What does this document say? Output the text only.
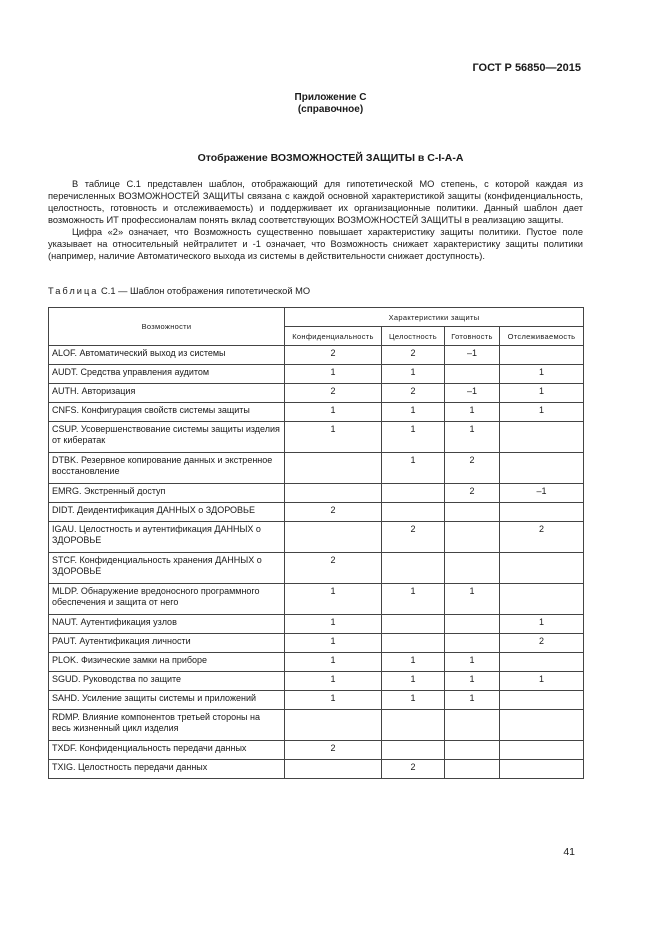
ГОСТ Р 56850—2015
Приложение С
(справочное)
Отображение ВОЗМОЖНОСТЕЙ ЗАЩИТЫ в С-I-А-А

В таблице С.1 представлен шаблон, отображающий для гипотетической МО степень, с которой каждая из перечисленных ВОЗМОЖНОСТЕЙ ЗАЩИТЫ связана с каждой основной характеристикой защиты (конфиденциальность, целостность, готовность и отслеживаемость) и поддерживает их организационные политики. Данный шаблон дает возможность ИТ профессионалам понять вклад соответствующих ВОЗМОЖНОСТЕЙ ЗАЩИТЫ в реализацию защиты.

Цифра «2» означает, что Возможность существенно повышает характеристику защиты политики. Пустое поле указывает на относительный нейтралитет и -1 означает, что Возможность снижает характеристику защиты политики (например, наличие Автоматического выхода из системы в действительности снижает доступность).

Таблица С.1 — Шаблон отображения гипотетической МО
Возможности	Характеристики защиты			
	Конфиденциальность	Целостность	Готовность	Отслеживаемость
ALOF. Автоматический выход из системы	2	2	–1	
AUDT. Средства управления аудитом	1	1		1
AUTH. Авторизация	2	2	–1	1
CNFS. Конфигурация свойств системы защиты	1	1	1	1
CSUP. Усовершенствование системы защиты изделия от кибератак	1	1	1	
DTBK. Резервное копирование данных и экстренное восстановление		1	2	
EMRG. Экстренный доступ			2	–1
DIDT. Деидентификация ДАННЫХ о ЗДОРОВЬЕ	2			
IGAU. Целостность и аутентификация ДАННЫХ о ЗДОРОВЬЕ		2		2
STCF. Конфиденциальность хранения ДАННЫХ о ЗДОРОВЬЕ	2			
MLDP. Обнаружение вредоносного программного обеспечения и защита от него	1	1	1	
NAUT. Аутентификация узлов	1			1
PAUT. Аутентификация личности	1			2
PLOK. Физические замки на приборе	1	1	1	
SGUD. Руководства по защите	1	1	1	1
SAHD. Усиление защиты системы и приложений	1	1	1	
RDMP. Влияние компонентов третьей стороны на весь жизненный цикл изделия				
TXDF. Конфиденциальность передачи данных	2			
TXIG. Целостность передачи данных		2		
41
